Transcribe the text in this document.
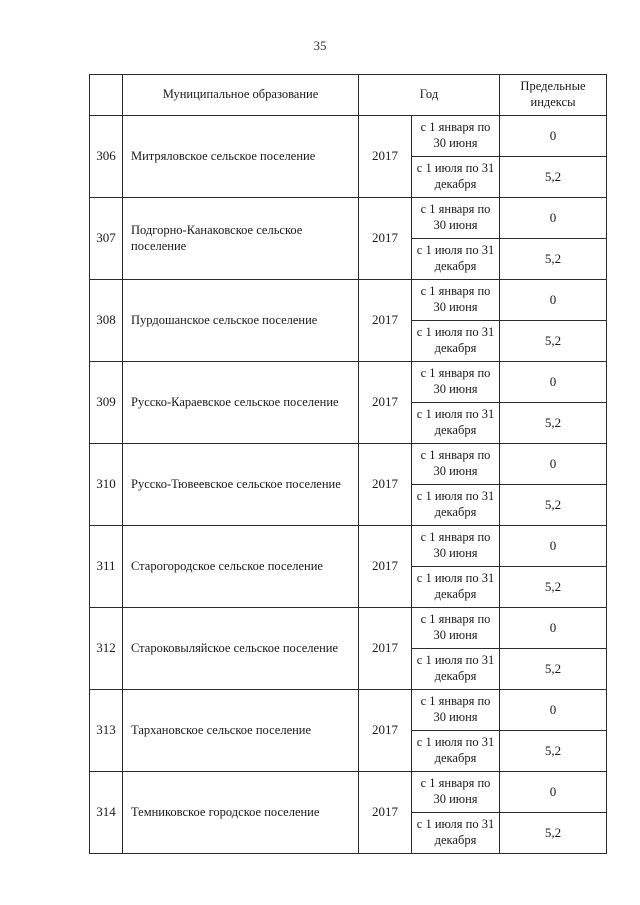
35
	Муниципальное образование	Год		Предельные индексы
306	Митряловское сельское поселение	2017	с 1 января по 30 июня	0
			с 1 июля по 31 декабря	5,2
307	Подгорно-Канаковское сельское поселение	2017	с 1 января по 30 июня	0
			с 1 июля по 31 декабря	5,2
308	Пурдошанское сельское поселение	2017	с 1 января по 30 июня	0
			с 1 июля по 31 декабря	5,2
309	Русско-Караевское сельское поселение	2017	с 1 января по 30 июня	0
			с 1 июля по 31 декабря	5,2
310	Русско-Тювеевское сельское поселение	2017	с 1 января по 30 июня	0
			с 1 июля по 31 декабря	5,2
311	Старогородское сельское поселение	2017	с 1 января по 30 июня	0
			с 1 июля по 31 декабря	5,2
312	Староковыляйское сельское поселение	2017	с 1 января по 30 июня	0
			с 1 июля по 31 декабря	5,2
313	Тархановское сельское поселение	2017	с 1 января по 30 июня	0
			с 1 июля по 31 декабря	5,2
314	Темниковское городское поселение	2017	с 1 января по 30 июня	0
			с 1 июля по 31 декабря	5,2
